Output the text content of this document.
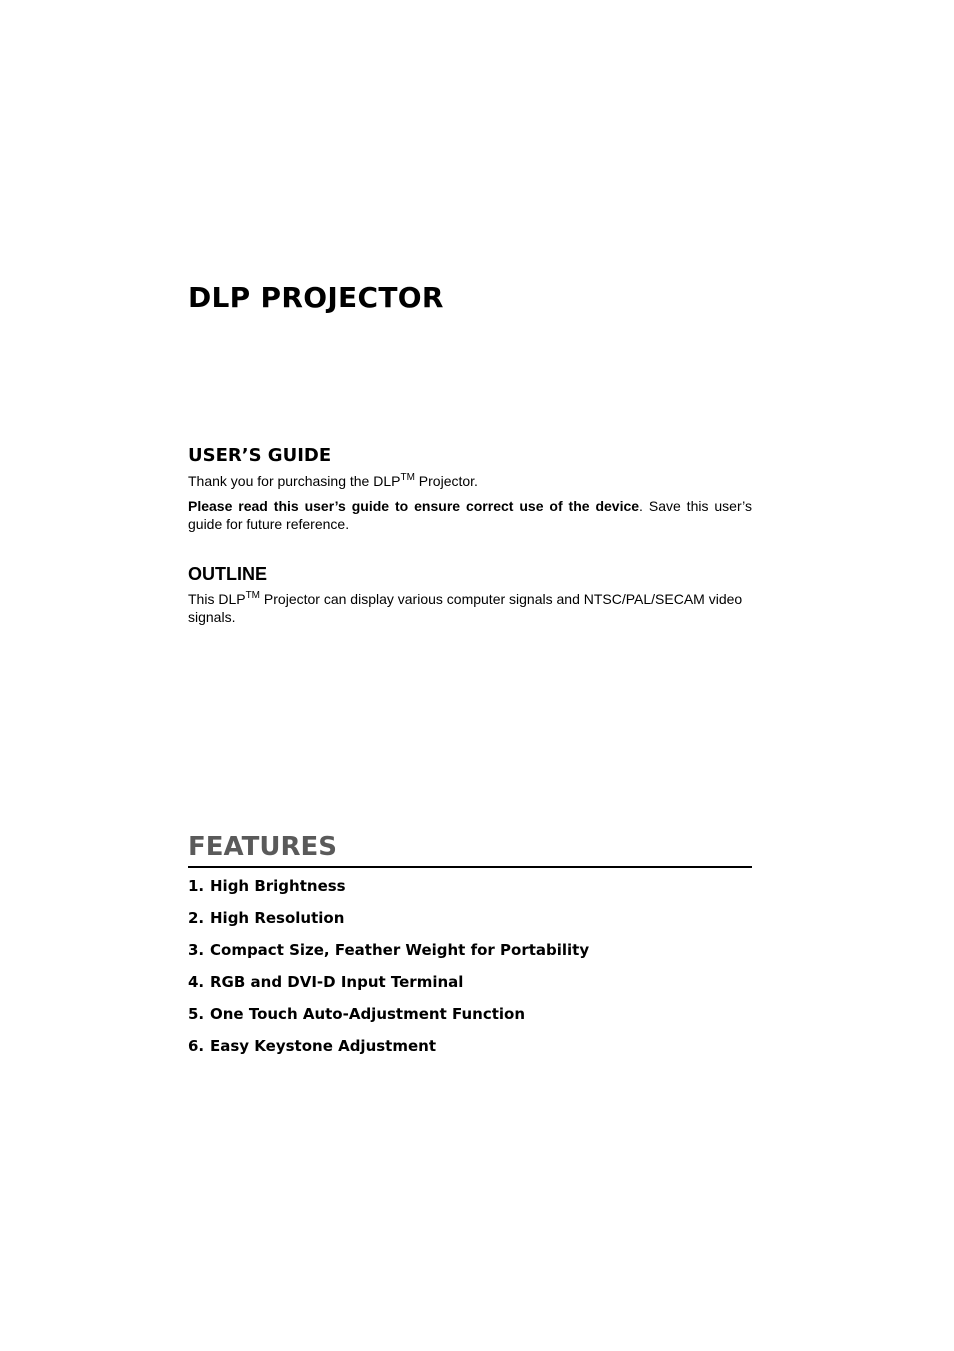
DLP PROJECTOR
USER’S GUIDE

Thank you for purchasing the DLP™ Projector.

Please read this user’s guide to ensure correct use of the device. Save this user’s guide for future reference.

OUTLINE

This DLP™ Projector can display various computer signals and NTSC/PAL/SECAM video signals.

FEATURES
1. High Brightness
2. High Resolution
3. Compact Size, Feather Weight for Portability
4. RGB and DVI-D Input Terminal
5. One Touch Auto-Adjustment Function
6. Easy Keystone Adjustment
